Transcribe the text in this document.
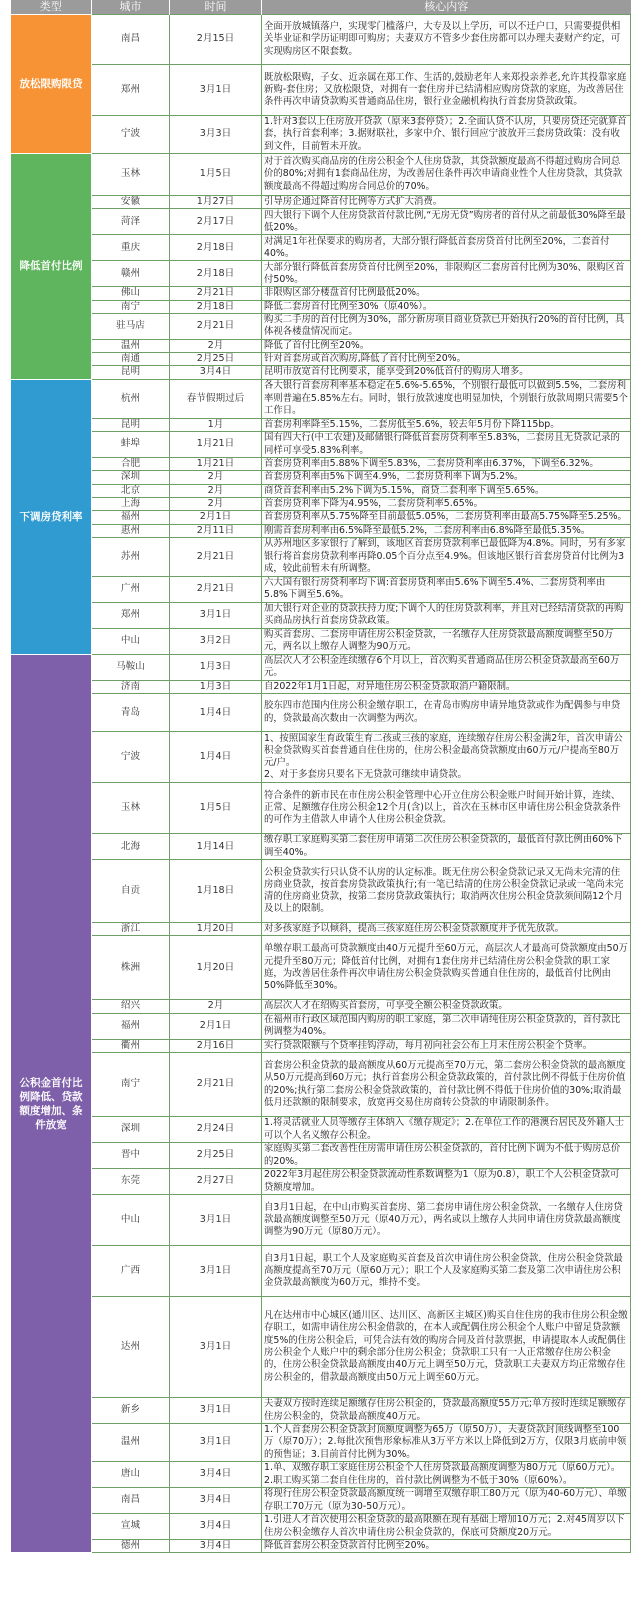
类型	城市	时间	核心内容
放松限购限贷	南昌	2月15日	全面开放城镇落户，实现零门槛落户，大专及以上学历，可以不迁户口，只需要提供相关毕业证和学历证明即可购房；夫妻双方不管多少套住房都可以办理夫妻财产约定，可实现购房区不限套数。
	郑州	3月1日	既放松限购，子女、近亲属在郑工作、生活的,鼓励老年人来郑投亲养老,允许其投靠家庭新购-套住房；又放松限贷，对拥有一套住房并已结清相应购房贷款的家庭，为改善居住条件再次申请贷款购买普通商品住房，银行业金融机构执行首套房贷款政策。
	宁波	3月3日	1.针对3套以上住房放开贷款（原来3套停贷）；2.全面认贷不认房，只要房贷还完就算首套，执行首套利率；3.据财联社，多家中介、银行回应宁波放开三套房贷政策：没有收到文件，目前暂未开放。
降低首付比例	玉林	1月5日	对于首次购买商品房的住房公积金个人住房贷款，其贷款额度最高不得超过购房合同总价的80%;对拥有1套商品住房，为改善居住条件再次申请商业性个人住房贷款，其贷款额度最高不得超过购房合同总价的70%。
	安徽	1月27日	引导房企通过降首付比例等方式扩大消费。
	菏泽	2月17日	四大银行下调个人住房贷款首付款比例,“无房无贷”购房者的首付从之前最低30%降至最低20%。
	重庆	2月18日	对满足1年社保要求的购房者，大部分银行降低首套房贷首付比例至20%，二套首付40%。
	赣州	2月18日	大部分银行降低首套房贷首付比例至20%，非限购区二套房首付比例为30%、限购区首付50%。
	佛山	2月21日	非限购区部分楼盘首付比例最低20%。
	南宁	2月18日	降低二套房首付比例至30%（原40%）。
	驻马店	2月21日	购买二手房的首付比例为30%，部分新房项目商业贷款已开始执行20%的首付比例，具体视各楼盘情况而定。
	温州	2月	降低了首付比例至20%。
	南通	2月25日	针对首套房或首次购房,降低了首付比例至20%。
	昆明	3月4日	昆明市放宽首付比例要求，能享受到20%低首付的购房人增多。
下调房贷利率	杭州	春节假期过后	各大银行首套房利率基本稳定在5.6%-5.65%，个别银行最低可以做到5.5%，二套房利率则普遍在5.85%左右。同时，银行放款速度也明显加快，个别银行放款周期只需要5个工作日。
	昆明	1月	首套房利率降至5.15%，二套房低至5.6%，较去年5月份下降115bp。
	蚌埠	1月21日	国有四大行(中工农建)及邮储银行降低首套房贷利率至5.83%，二套房且无贷款记录的同样可享受5.83%利率。
	合肥	1月21日	首套房贷利率由5.88%下调至5.83%，二套房贷利率由6.37%，下调至6.32%。
	深圳	2月	首套房贷利率由5%下调至4.9%，二套房贷利率下调为5.2%。
	北京	2月	商贷首套利率由5.2%下调为5.15%，商贷二套利率下调至5.65%。
	上海	2月	首套房贷利率下降为4.95%，二套房贷利率5.65%。
	福州	2月1日	首套房贷利率从5.75%降至目前最低5.05%，二套房贷利率由最高5.75%降至5.25%。
	惠州	2月11日	刚需首套房利率由6.5%降至最低5.2%，二套房利率由6.8%降至最低5.35%。
	苏州	2月21日	从苏州地区多家银行了解到，该地区首套房贷款利率已最低降为4.8%。同时，另有多家银行将首套房贷款利率再降0.05个百分点至4.9%。但该地区银行首套房贷首付比例为3成，较此前暂未有所调整。
	广州	2月21日	六大国有银行房贷利率均下调:首套房贷利率由5.6%下调至5.4%、二套房贷利率由5.8%下调至5.6%。
	郑州	3月1日	加大银行对企业的贷款扶持力度;下调个人的住房贷款利率，并且对已经结清贷款的再购买商品房执行首套房贷款政策。
	中山	3月2日	购买首套房、二套房申请住房公积金贷款，一名缴存人住房贷款最高额度调整至50万元，两名以上缴存人调整为90万元。
公积金首付比例降低、贷款额度增加、条件放宽	马鞍山	1月3日	高层次人才公积金连续缴存6个月以上，首次购买普通商品住房公积金贷款最高至60万元。
	济南	1月3日	自2022年1月1日起，对异地住房公积金贷款取消户籍限制。
	青岛	1月4日	胶东四市范围内住房公积金缴存职工，在青岛市购房申请异地贷款或作为配偶参与申贷的，贷款最高次数由一次调整为两次。
	宁波	1月4日	1、按照国家生育政策生育二孩或三孩的家庭，连续缴存住房公积金满2年，首次申请公积金贷款购买首套普通自住住房的，住房公积金最高贷款额度由60万元/户提高至80万元/户。
2、对于多套房只要名下无贷款可继续申请贷款。
	玉林	1月5日	符合条件的新市民在市住房公积金管理中心开立住房公积金账户时间开始计算，连续、正常、足额缴存住房公积金12个月(含)以上，首次在玉林市区申请住房公积金贷款条件的可作为主借款人申请个人住房公积金贷款。
	北海	1月14日	缴存职工家庭购买第二套住房申请第二次住房公积金贷款的，最低首付款比例由60%下调至40%。
	自贡	1月18日	公积金贷款实行只认贷不认房的认定标准。既无住房公积金贷款记录又无尚未完清的住房商业贷款，按首套房贷款政策执行;有一笔已结清的住房公积金贷款记录或一笔尚未完清的住房商业贷款，按第二套房贷款政策执行；取消两次住房公积金贷款须间隔12个月及以上的限制。
	浙江	1月20日	对多孩家庭予以倾斜，提高三孩家庭住房公积金贷款额度并予优先放款。
	株洲	1月20日	单缴存职工最高可贷款额度由40万元提升至60万元，高层次人才最高可贷款额度由50万元提升至80万元；降低首付比例，对拥有1套住房并已结清住房公积金贷款的职工家庭，为改善居住条件再次申请住房公积金贷款购买普通自住住房的，最低首付比例由50%降低至30%。
	绍兴	2月	高层次人才在绍购买首套房，可享受全额公积金贷款政策。
	福州	2月1日	在福州市行政区域范围内购房的职工家庭，第二次申请纯住房公积金贷款的，首付款比例调整为40%。
	衢州	2月16日	实行贷款限额与个贷率挂钩浮动，每月初向社会公布上月末住房公积金个贷率。
	南宁	2月21日	首套房公积金贷款的最高额度从60万元提高至70万元，第二套房公积金贷款的最高额度从50万元提高到60万元；执行首套房公积金贷款政策的，首付款比例不得低于住房价值的20%;执行第二套房公积金贷款政策的，首付款比例不得低于住房价值的30%;取消最低月还款额的限制要求，放宽再交易住房商转公贷款的申请限制条件。
	深圳	2月24日	1.将灵活就业人员等缴存主体纳入《缴存规定》；2.在单位工作的港澳台居民及外籍人士可以个人名义缴存公积金。
	晋中	2月25日	家庭购买第二套改善性住房需申请住房公积金贷款的，首付比例下调为不低于购房总价的20%。
	东莞	2月27日	2022年3月起住房公积金贷款流动性系数调整为1（原为0.8），职工个人公积金贷款可贷额度增加。
	中山	3月1日	自3月1日起，在中山市购买首套房、第二套房申请住房公积金贷款，一名缴存人住房贷款最高额度调整至50万元（原40万元），两名或以上缴存人共同申请住房贷款最高额度调整为90万元（原80万元）。
	广西	3月1日	自3月1日起，职工个人及家庭购买首套及首次申请住房公积金贷款，住房公积金贷款最高额度提高至70万元（原60万元）；职工个人及家庭购买第二套及第二次申请住房公积金贷款最高额度为60万元，维持不变。
	达州	3月1日	凡在达州市中心城区(通川区、达川区、高新区主城区)购买自住住房的我市住房公积金缴存职工，如需申请住房公积金借款的，在本人或配偶住房公积金个人账户中留足贷款额度5%的住房公积金后，可凭合法有效的购房合同及首付款票据，申请提取本人或配偶住房公积金个人账户中的剩余部分住房公积金；贷款职工只有一人正常缴存住房公积金的，住房公积金贷款最高额度由40万元上调至50万元，贷款职工夫妻双方均正常缴存住房公积金的，借款最高额度由50万元上调至60万元。
	新乡	3月1日	夫妻双方按时连续足额缴存住房公积金的，贷款最高额度55万元;单方按时连续足额缴存住房公积金的，贷款最高额度40万元。
	温州	3月1日	1.个人首套房公积金贷款封顶额度调整为65万（原50万），夫妻贷款封顶线调整至100万（原70万）；2.每批次预售形象标准从3万平方米以上降低到2万方，仅限3月底前申领的预售证；3.目前首付比例为30%。
	唐山	3月4日	1.单、双缴存职工家庭住房公积金个人住房贷款最高额度调整为80万元（原60万元）。2.职工购买第二套自住住房的，首付款比例调整为不低于30%（原60%）。
	南昌	3月4日	将现行住房公积金贷款最高额度统一调增至双缴存职工80万元（原为40-60万元）、单缴存职工70万元（原为30-50万元）。
	宣城	3月4日	1.引进人才首次使用公积金贷款的最高限额在现有基础上增加10万元；2.对45周岁以下住房公积金缴存人首次申请住房公积金贷款的，保底可贷额度20万元。
	德州	3月4日	降低首套房公积金贷款首付比例至20%。
